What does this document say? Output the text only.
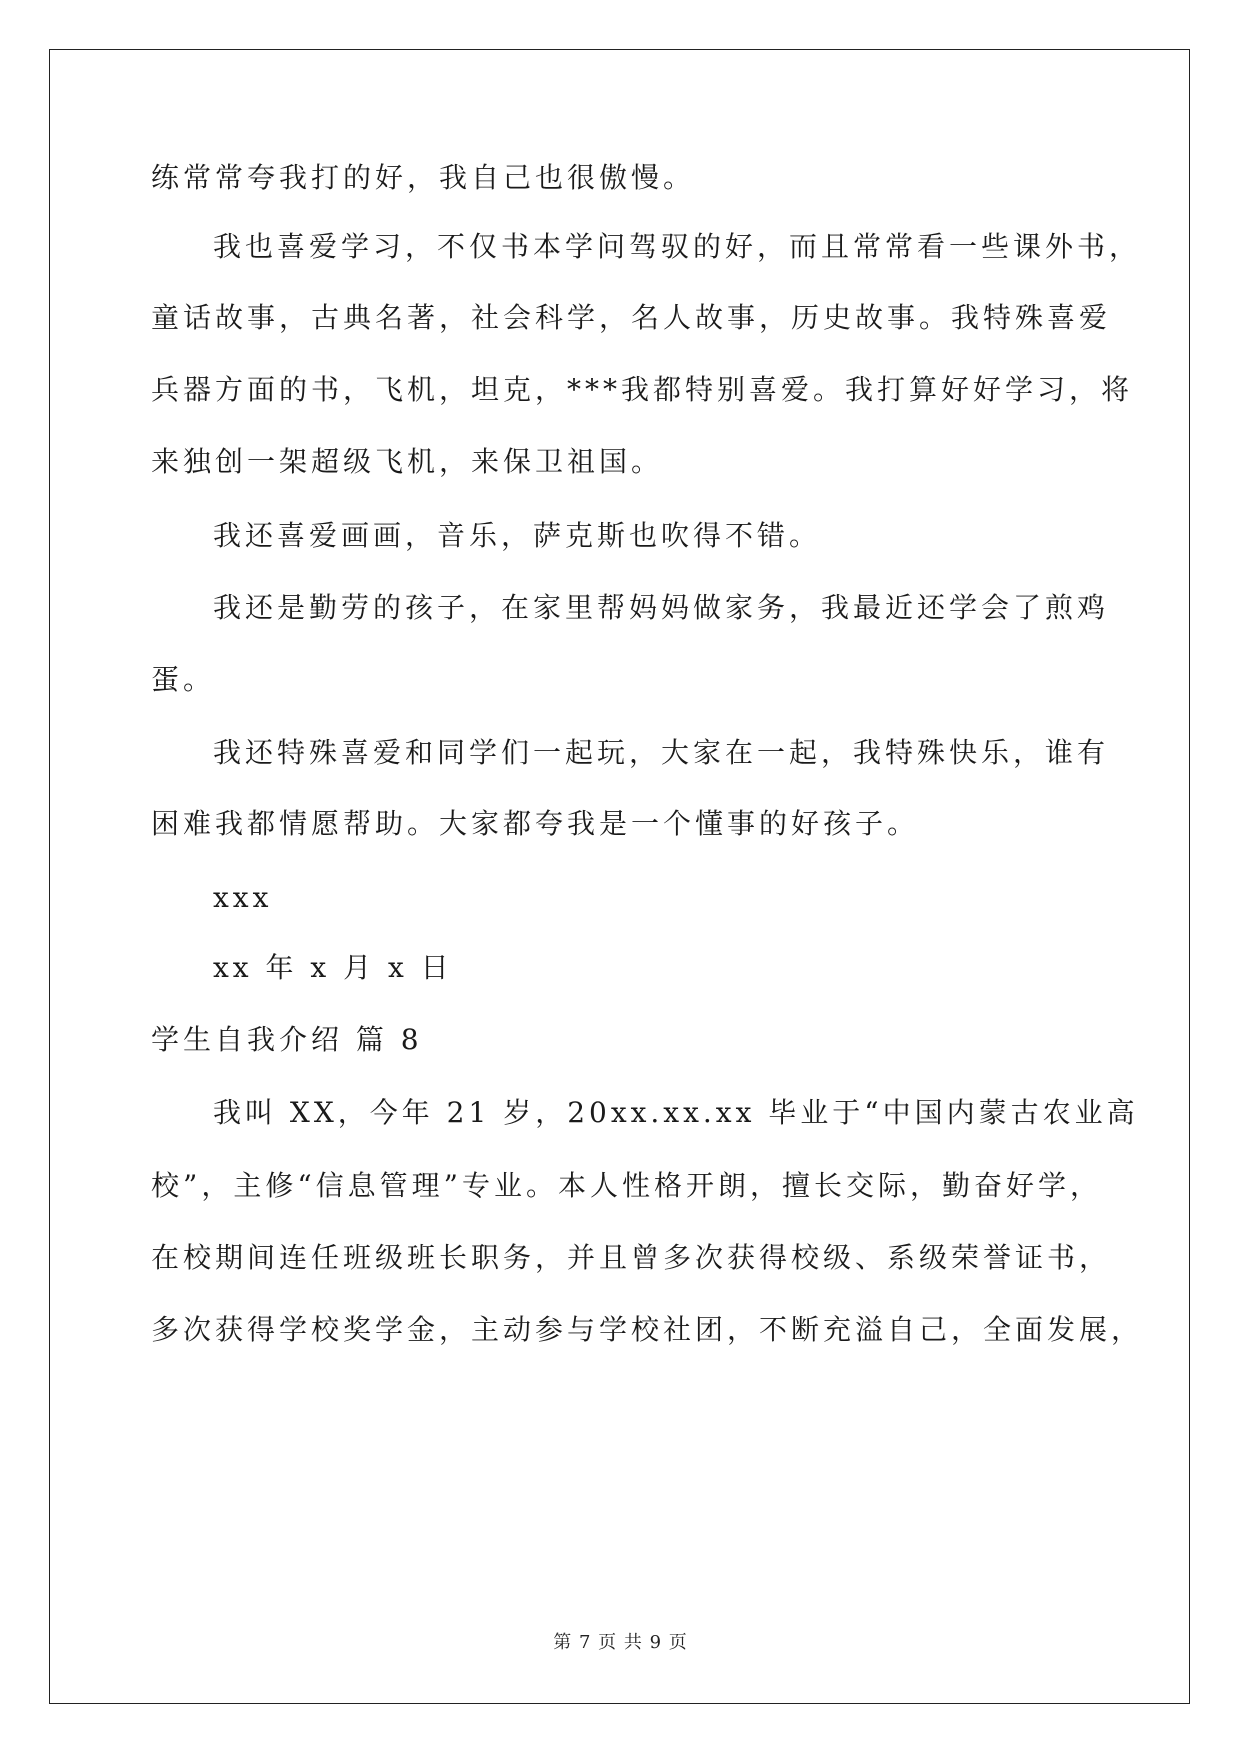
练常常夸我打的好，我自己也很傲慢。
我也喜爱学习，不仅书本学问驾驭的好，而且常常看一些课外书，
童话故事，古典名著，社会科学，名人故事，历史故事。我特殊喜爱
兵器方面的书，飞机，坦克，***我都特别喜爱。我打算好好学习，将
来独创一架超级飞机，来保卫祖国。
我还喜爱画画，音乐，萨克斯也吹得不错。
我还是勤劳的孩子，在家里帮妈妈做家务，我最近还学会了煎鸡
蛋。
我还特殊喜爱和同学们一起玩，大家在一起，我特殊快乐，谁有
困难我都情愿帮助。大家都夸我是一个懂事的好孩子。
xxx
xx 年 x 月 x 日
学生自我介绍 篇 8
我叫 XX，今年 21 岁，20xx.xx.xx 毕业于“中国内蒙古农业高
校”，主修“信息管理”专业。本人性格开朗，擅长交际，勤奋好学，
在校期间连任班级班长职务，并且曾多次获得校级、系级荣誉证书，
多次获得学校奖学金，主动参与学校社团，不断充溢自己，全面发展，
第 7 页 共 9 页
